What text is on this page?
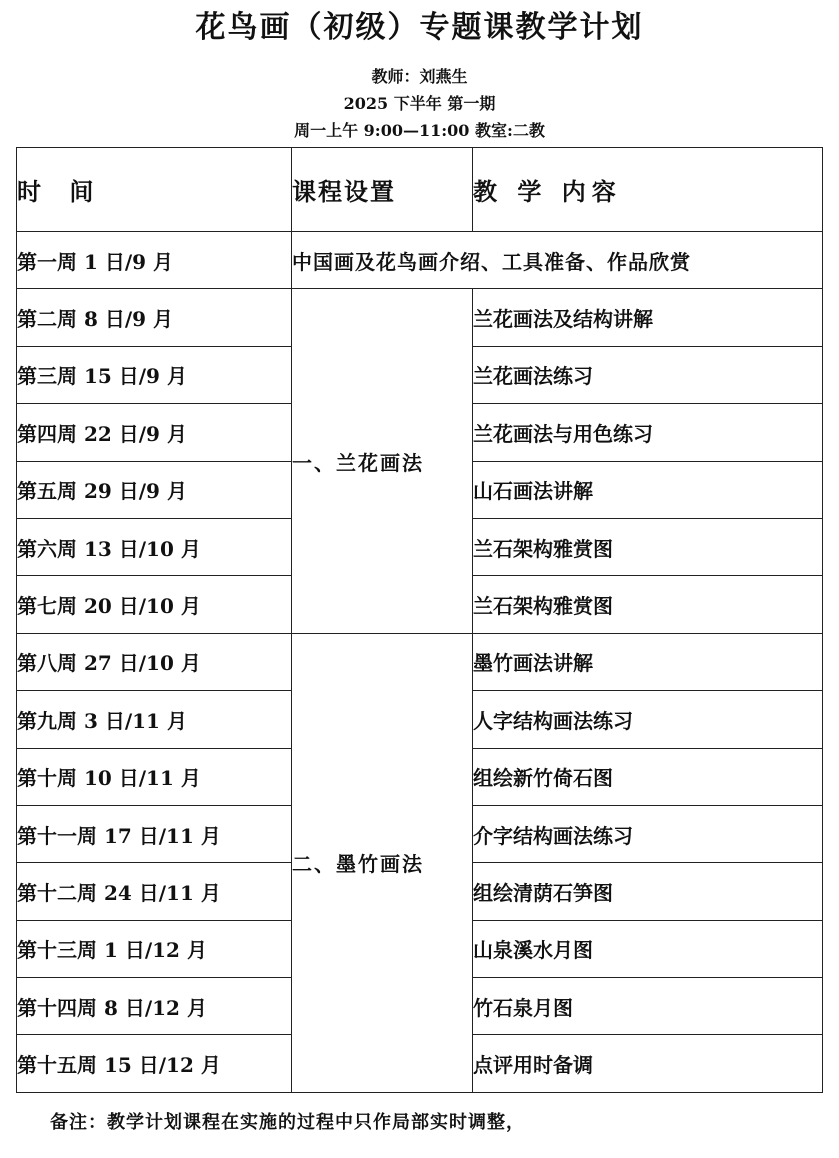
花鸟画（初级）专题课教学计划
教师：刘燕生
2025 下半年 第一期
周一上午 9:00—11:00 教室:二教
时 间	课程设置	教 学 内容
第一周 1 日/9 月	中国画及花鸟画介绍、工具准备、作品欣赏	
第二周 8 日/9 月	一、兰花画法	兰花画法及结构讲解
第三周 15 日/9 月		兰花画法练习
第四周 22 日/9 月		兰花画法与用色练习
第五周 29 日/9 月		山石画法讲解
第六周 13 日/10 月		兰石架构雅赏图
第七周 20 日/10 月		兰石架构雅赏图
第八周 27 日/10 月	二、墨竹画法	墨竹画法讲解
第九周 3 日/11 月		人字结构画法练习
第十周 10 日/11 月		组绘新竹倚石图
第十一周 17 日/11 月		介字结构画法练习
第十二周 24 日/11 月		组绘清荫石笋图
第十三周 1 日/12 月		山泉溪水月图
第十四周 8 日/12 月		竹石泉月图
第十五周 15 日/12 月		点评用时备调
备注：教学计划课程在实施的过程中只作局部实时调整，
